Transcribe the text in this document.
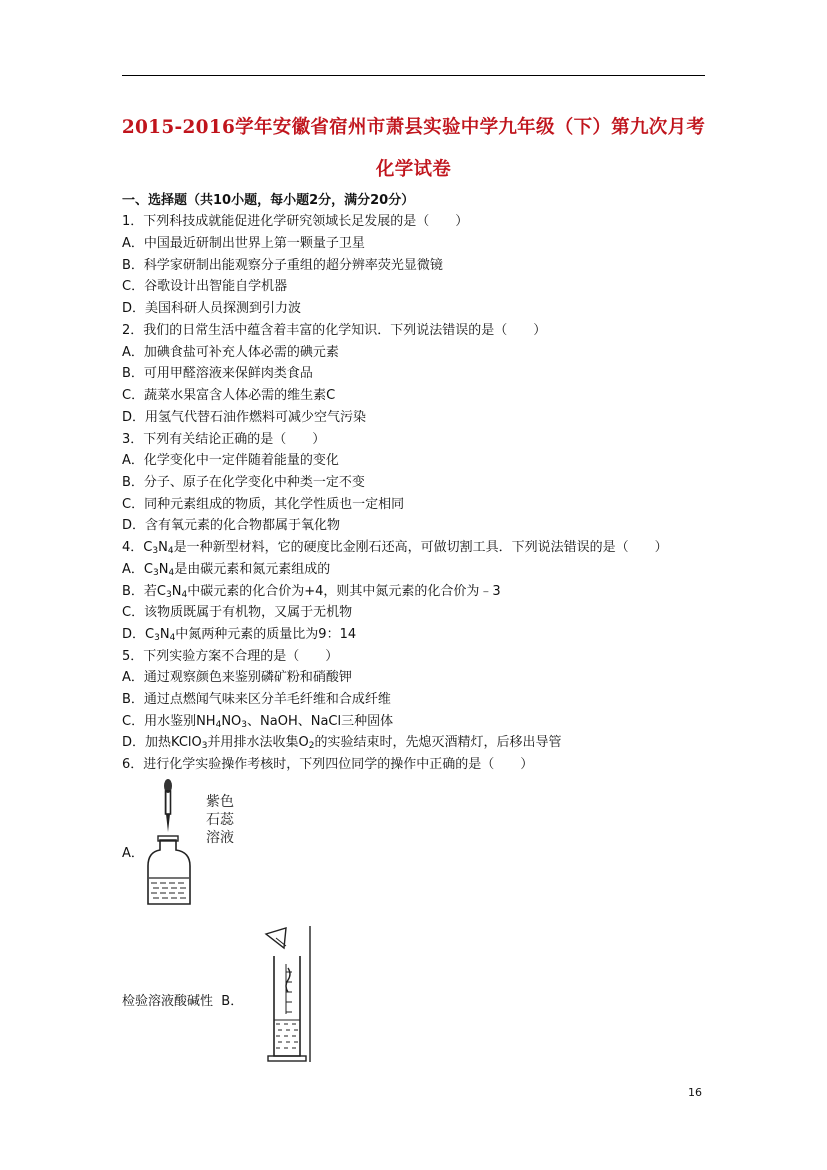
2015-2016学年安徽省宿州市萧县实验中学九年级（下）第九次月考
化学试卷
一、选择题（共10小题，每小题2分，满分20分）
1．下列科技成就能促进化学研究领域长足发展的是（　　）
A．中国最近研制出世界上第一颗量子卫星
B．科学家研制出能观察分子重组的超分辨率荧光显微镜
C．谷歌设计出智能自学机器
D．美国科研人员探测到引力波
2．我们的日常生活中蕴含着丰富的化学知识．下列说法错误的是（　　）
A．加碘食盐可补充人体必需的碘元素
B．可用甲醛溶液来保鲜肉类食品
C．蔬菜水果富含人体必需的维生素C
D．用氢气代替石油作燃料可减少空气污染
3．下列有关结论正确的是（　　）
A．化学变化中一定伴随着能量的变化
B．分子、原子在化学变化中种类一定不变
C．同种元素组成的物质，其化学性质也一定相同
D．含有氧元素的化合物都属于氧化物
4．$C_3N_4$是一种新型材料，它的硬度比金刚石还高，可做切割工具．下列说法错误的是（　　）
A．$C_3N_4$是由碳元素和氮元素组成的
B．若$C_3N_4$中碳元素的化合价为+4，则其中氮元素的化合价为﹣3
C．该物质既属于有机物，又属于无机物
D．$C_3N_4$中氮两种元素的质量比为9：14
5．下列实验方案不合理的是（　　）
A．通过观察颜色来鉴别磷矿粉和硝酸钾
B．通过点燃闻气味来区分羊毛纤维和合成纤维
C．用水鉴别$NH_4NO_3$、NaOH、NaCl三种固体
D．加热KClO$_3$并用排水法收集$O_2$的实验结束时，先熄灭酒精灯，后移出导管
6．进行化学实验操作考核时，下列四位同学的操作中正确的是（　　）
A．
紫色
石蕊
溶液
检验溶液酸碱性 B．
16
